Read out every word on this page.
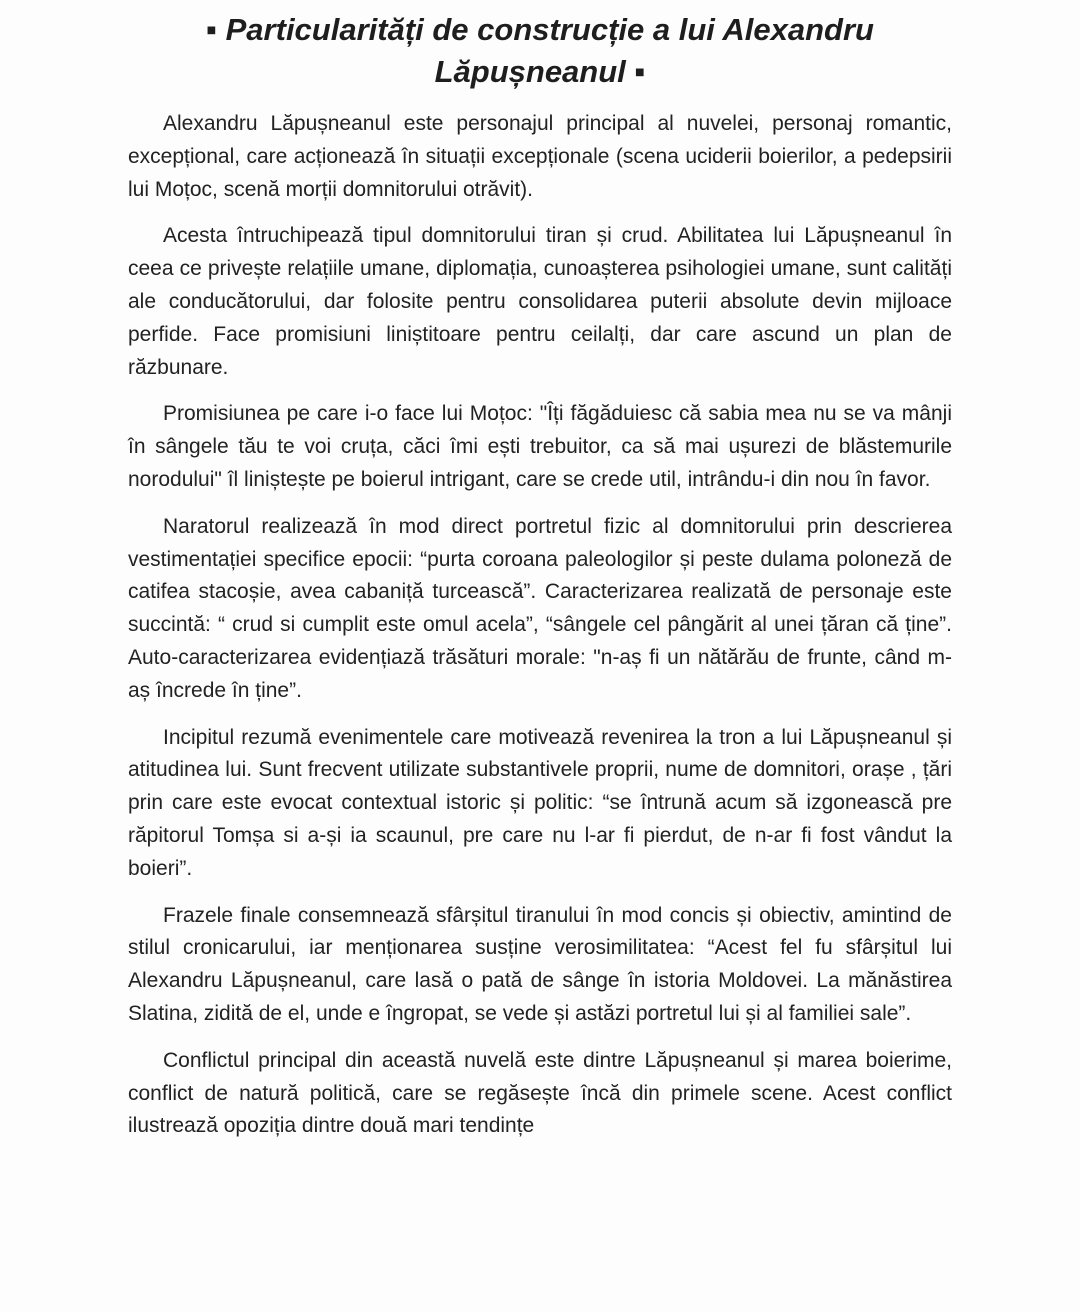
▪ Particularități de construcție a lui Alexandru
Lăpușneanul ▪

Alexandru Lăpușneanul este personajul principal al nuvelei, personaj romantic, excepțional, care acționează în situații excepționale (scena uciderii boierilor, a pedepsirii lui Moțoc, scenă morții domnitorului otrăvit).

Acesta întruchipează tipul domnitorului tiran și crud. Abilitatea lui Lăpușneanul în ceea ce privește relațiile umane, diplomația, cunoașterea psihologiei umane, sunt calități ale conducătorului, dar folosite pentru consolidarea puterii absolute devin mijloace perfide. Face promisiuni liniștitoare pentru ceilalți, dar care ascund un plan de răzbunare.

Promisiunea pe care i-o face lui Moțoc: "Îți făgăduiesc că sabia mea nu se va mânji în sângele tău te voi cruța, căci îmi ești trebuitor, ca să mai ușurezi de blăstemurile norodului" îl liniștește pe boierul intrigant, care se crede util, intrându-i din nou în favor.

Naratorul realizează în mod direct portretul fizic al domnitorului prin descrierea vestimentației specifice epocii: “purta coroana paleologilor și peste dulama poloneză de catifea stacoșie, avea cabaniță turcească”. Caracterizarea realizată de personaje este succintă: “ crud si cumplit este omul acela”, “sângele cel pângărit al unei țăran că ține”. Auto-caracterizarea evidențiază trăsături morale: "n-aș fi un nătărău de frunte, când m-aș încrede în ține”.

Incipitul rezumă evenimentele care motivează revenirea la tron a lui Lăpușneanul și atitudinea lui. Sunt frecvent utilizate substantivele proprii, nume de domnitori, orașe , țări prin care este evocat contextual istoric și politic: “se întrună acum să izgonească pre răpitorul Tomșa si a-și ia scaunul, pre care nu l-ar fi pierdut, de n-ar fi fost vândut la boieri”.

Frazele finale consemnează sfârșitul tiranului în mod concis și obiectiv, amintind de stilul cronicarului, iar menționarea susține verosimilitatea: “Acest fel fu sfârșitul lui Alexandru Lăpușneanul, care lasă o pată de sânge în istoria Moldovei. La mănăstirea Slatina, zidită de el, unde e îngropat, se vede și astăzi portretul lui și al familiei sale”.

Conflictul principal din această nuvelă este dintre Lăpușneanul și marea boierime, conflict de natură politică, care se regăsește încă din primele scene. Acest conflict ilustrează opoziția dintre două mari tendințe
